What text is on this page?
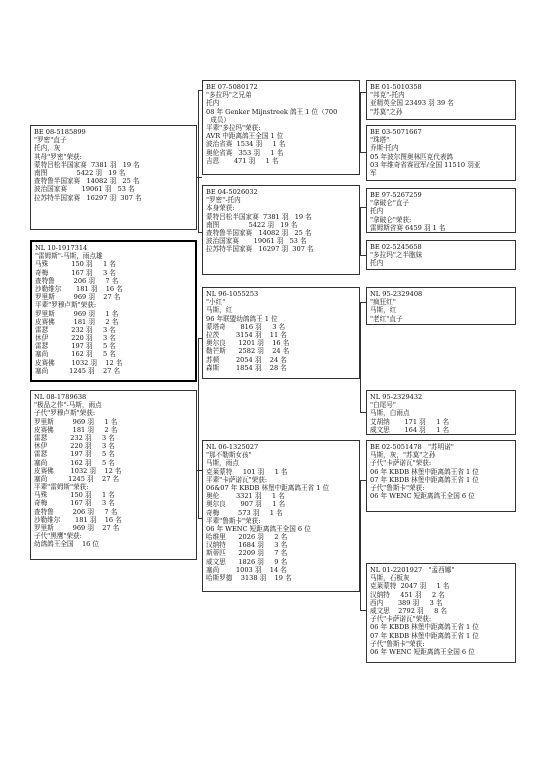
BE 08-5185899
"罗密"直子
托内，灰
其母"罗密"荣获:
蒙特吕松半国家赛  7381 羽   19 名
南图              5422 羽   19 名
查特鲁半国家赛   14082 羽   25 名
波治国家赛       19061 羽   53 名
拉苏特半国家赛   16297 羽  307 名
NL 10-1917314
"雷姆斯"-马斯，雨点雄
马殊           150 羽     1 名
奇梅           167 羽     3 名
查特鲁         206 羽     7 名
沙勒维尔       181 羽    16 名
罗里斯         969 羽    27 名
平辈"罗穆卢斯"荣获:
罗里斯         969 羽     1 名
皮赛佛         181 羽     2 名
雷瑟           232 羽     3 名
休伊           220 羽     3 名
雷瑟           197 羽     5 名
塞尚           162 羽     5 名
皮赛佛        1032 羽    12 名
塞尚          1245 羽    27 名
NL 08-1789638
"极品之作"-马斯，雨点
子代"罗穆卢斯"荣获:
罗里斯         969 羽     1 名
皮赛佛         181 羽     2 名
雷瑟           232 羽     3 名
休伊           220 羽     3 名
雷瑟           197 羽     5 名
塞尚           162 羽     5 名
皮赛佛        1032 羽    12 名
塞尚          1245 羽    27 名
平辈"雷姆斯"荣获:
马殊           150 羽     1 名
奇梅           167 羽     3 名
查特鲁         206 羽     7 名
沙勒维尔       181 羽    16 名
罗里斯         969 羽    27 名
子代"黑鹰"荣获:
幼鸽鸽王全国    16 位
BE 07-5080172
"多拉玛"之兄弟
托内
08 年 Genker Mijnstreek 鸽王 1 位（700
成员）
平辈"多拉玛"荣获:
AVR 中距离鸽王全国 1 位
波治省赛  1534 羽     1 名
奥伦省赛   353 羽     1 名
吉恩       471 羽     1 名
BE 04-5026032
"罗密"-托内
本身荣获:
蒙特吕松半国家赛  7381 羽   19 名
南图              5422 羽   19 名
查特鲁半国家赛   14082 羽   25 名
波治国家赛       19061 羽   53 名
拉苏特半国家赛   16297 羽  307 名
NL 96-1055253
"小红"
马斯，红
96 年联盟幼鸽鸽王 1 位
蒙塔奇       816 羽     3 名
拉茨        3154 羽    11 名
奥尔良      1201 羽    16 名
勒芒斯      2582 羽    24 名
苏顿        2054 羽    24 名
森斯        1854 羽    28 名
NL 06-1325027
"那不勒斯女孩"
马斯，雨点
克莱蒙特     101 羽     1 名
平辈"卡萨诺瓦"荣获:
06&07 年 KBDB 林堡中距离鸽王省 1 位
奥伦        3321 羽     1 名
奥尔良       907 羽     1 名
奇梅         573 羽     1 名
平辈"鲁斯卡"荣获:
06 年 WENC 短距离鸽王全国 6 位
哈维里      2026 羽     2 名
汉纳特      1684 羽     3 名
斯蒂匹      2209 羽     7 名
威文思      1826 羽     9 名
塞尚        1003 羽    14 名
哈斯罗德    3138 羽    19 名
BE 01-5010358
"邦克"-托内
亚精英全国 23493 羽 39 名
"苏莫"之孙
BE 03-5071667
"珠塔"
乔斯·托内
05 年波尔图奥林匹克代表鸽
03 年维奇省赛冠军/全国 11510 羽亚
军
BE 97-5267259
"拿破仑"直子
托内
"拿破仑"荣获:
雷姆斯省赛 6459 羽 1 名
BE 02-5245658
"多拉玛"之半胞妹
托内
NL 95-2329408
"疯狂红"
马斯，红
"老红"直子
NL 95-2329432
"白尾号"
马斯，白雨点
艾胡纳       171 羽     1 名
威文思       164 羽     1 名
BE 02-5051478   "苏明诺"
马斯，灰，"苏莫"之孙
子代"卡萨诺瓦"荣获:
06 年 KBDB 林堡中距离鸽王省 1 位
07 年 KBDB 林堡中距离鸽王省 1 位
子代"鲁斯卡"荣获:
06 年 WENC 短距离鸽王全国 6 位
NL 01-2201927   "孟西娜"
马斯，石板灰
克莱蒙特  2047 羽     1 名
汉纳特     451 羽     2 名
西内       389 羽     3 名
威文思    2792 羽     8 名
子代"卡萨诺瓦"荣获:
06 年 KBDB 林堡中距离鸽王省 1 位
07 年 KBDB 林堡中距离鸽王省 1 位
子代"鲁斯卡"荣获:
06 年 WENC 短距离鸽王全国 6 位
